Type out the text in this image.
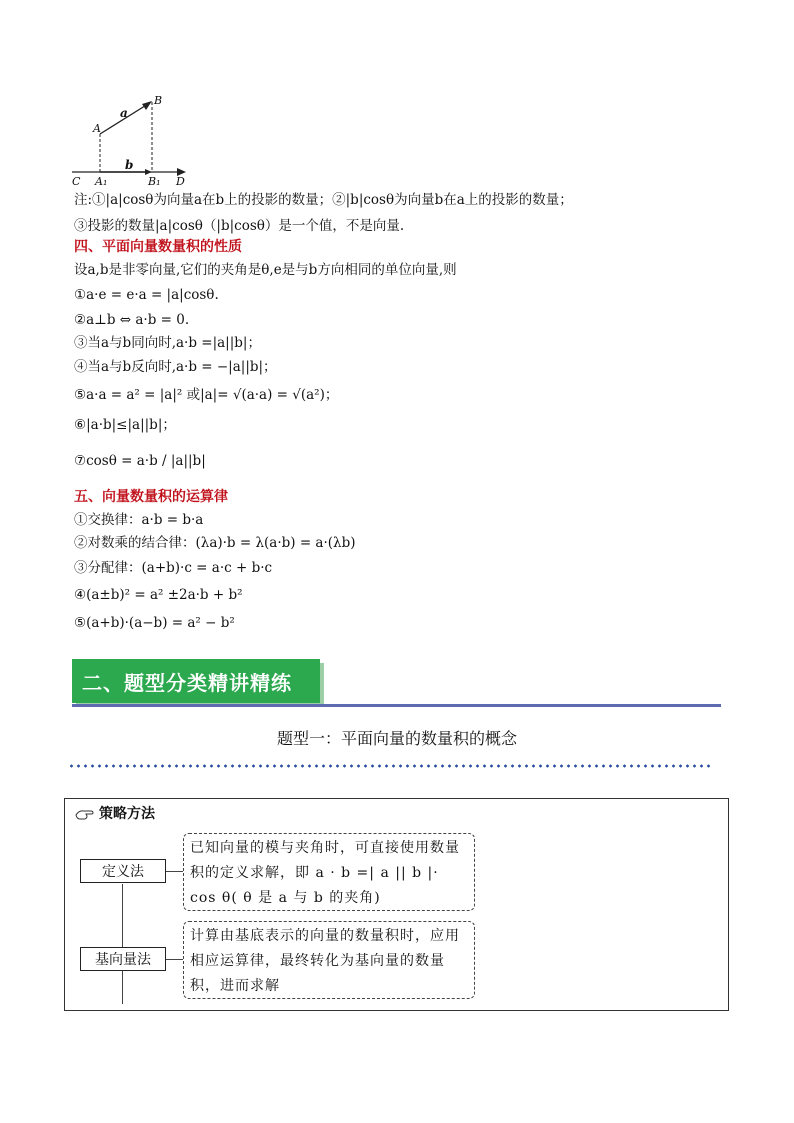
B
A
a
b
C A₁	B₁ D
注:①|a|cosθ为向量a在b上的投影的数量；②|b|cosθ为向量b在a上的投影的数量；
③投影的数量|a|cosθ（|b|cosθ）是一个值，不是向量.
四、平面向量数量积的性质
设a,b是非零向量,它们的夹角是θ,e是与b方向相同的单位向量,则
①a·e = e·a = |a|cosθ.
②a⊥b ⇔ a·b = 0.
③当a与b同向时,a·b =|a||b|；
④当a与b反向时,a·b = −|a||b|；
⑤a·a = a² = |a|² 或|a|= √(a·a) = √(a²)；
⑥|a·b|≤|a||b|；
⑦cosθ = a·b / |a||b|
五、向量数量积的运算律
①交换律：a·b = b·a
②对数乘的结合律：(λa)·b = λ(a·b) = a·(λb)
③分配律：(a+b)·c = a·c + b·c
④(a±b)² = a² ±2a·b + b²
⑤(a+b)·(a−b) = a² − b²
二、题型分类精讲精练
题型一：平面向量的数量积的概念
策略方法
定义法
已知向量的模与夹角时，可直接使用数量积的定义求解，即 a · b =| a || b |· cos θ( θ 是 a 与 b 的夹角)
基向量法
计算由基底表示的向量的数量积时，应用相应运算律，最终转化为基向量的数量积，进而求解
